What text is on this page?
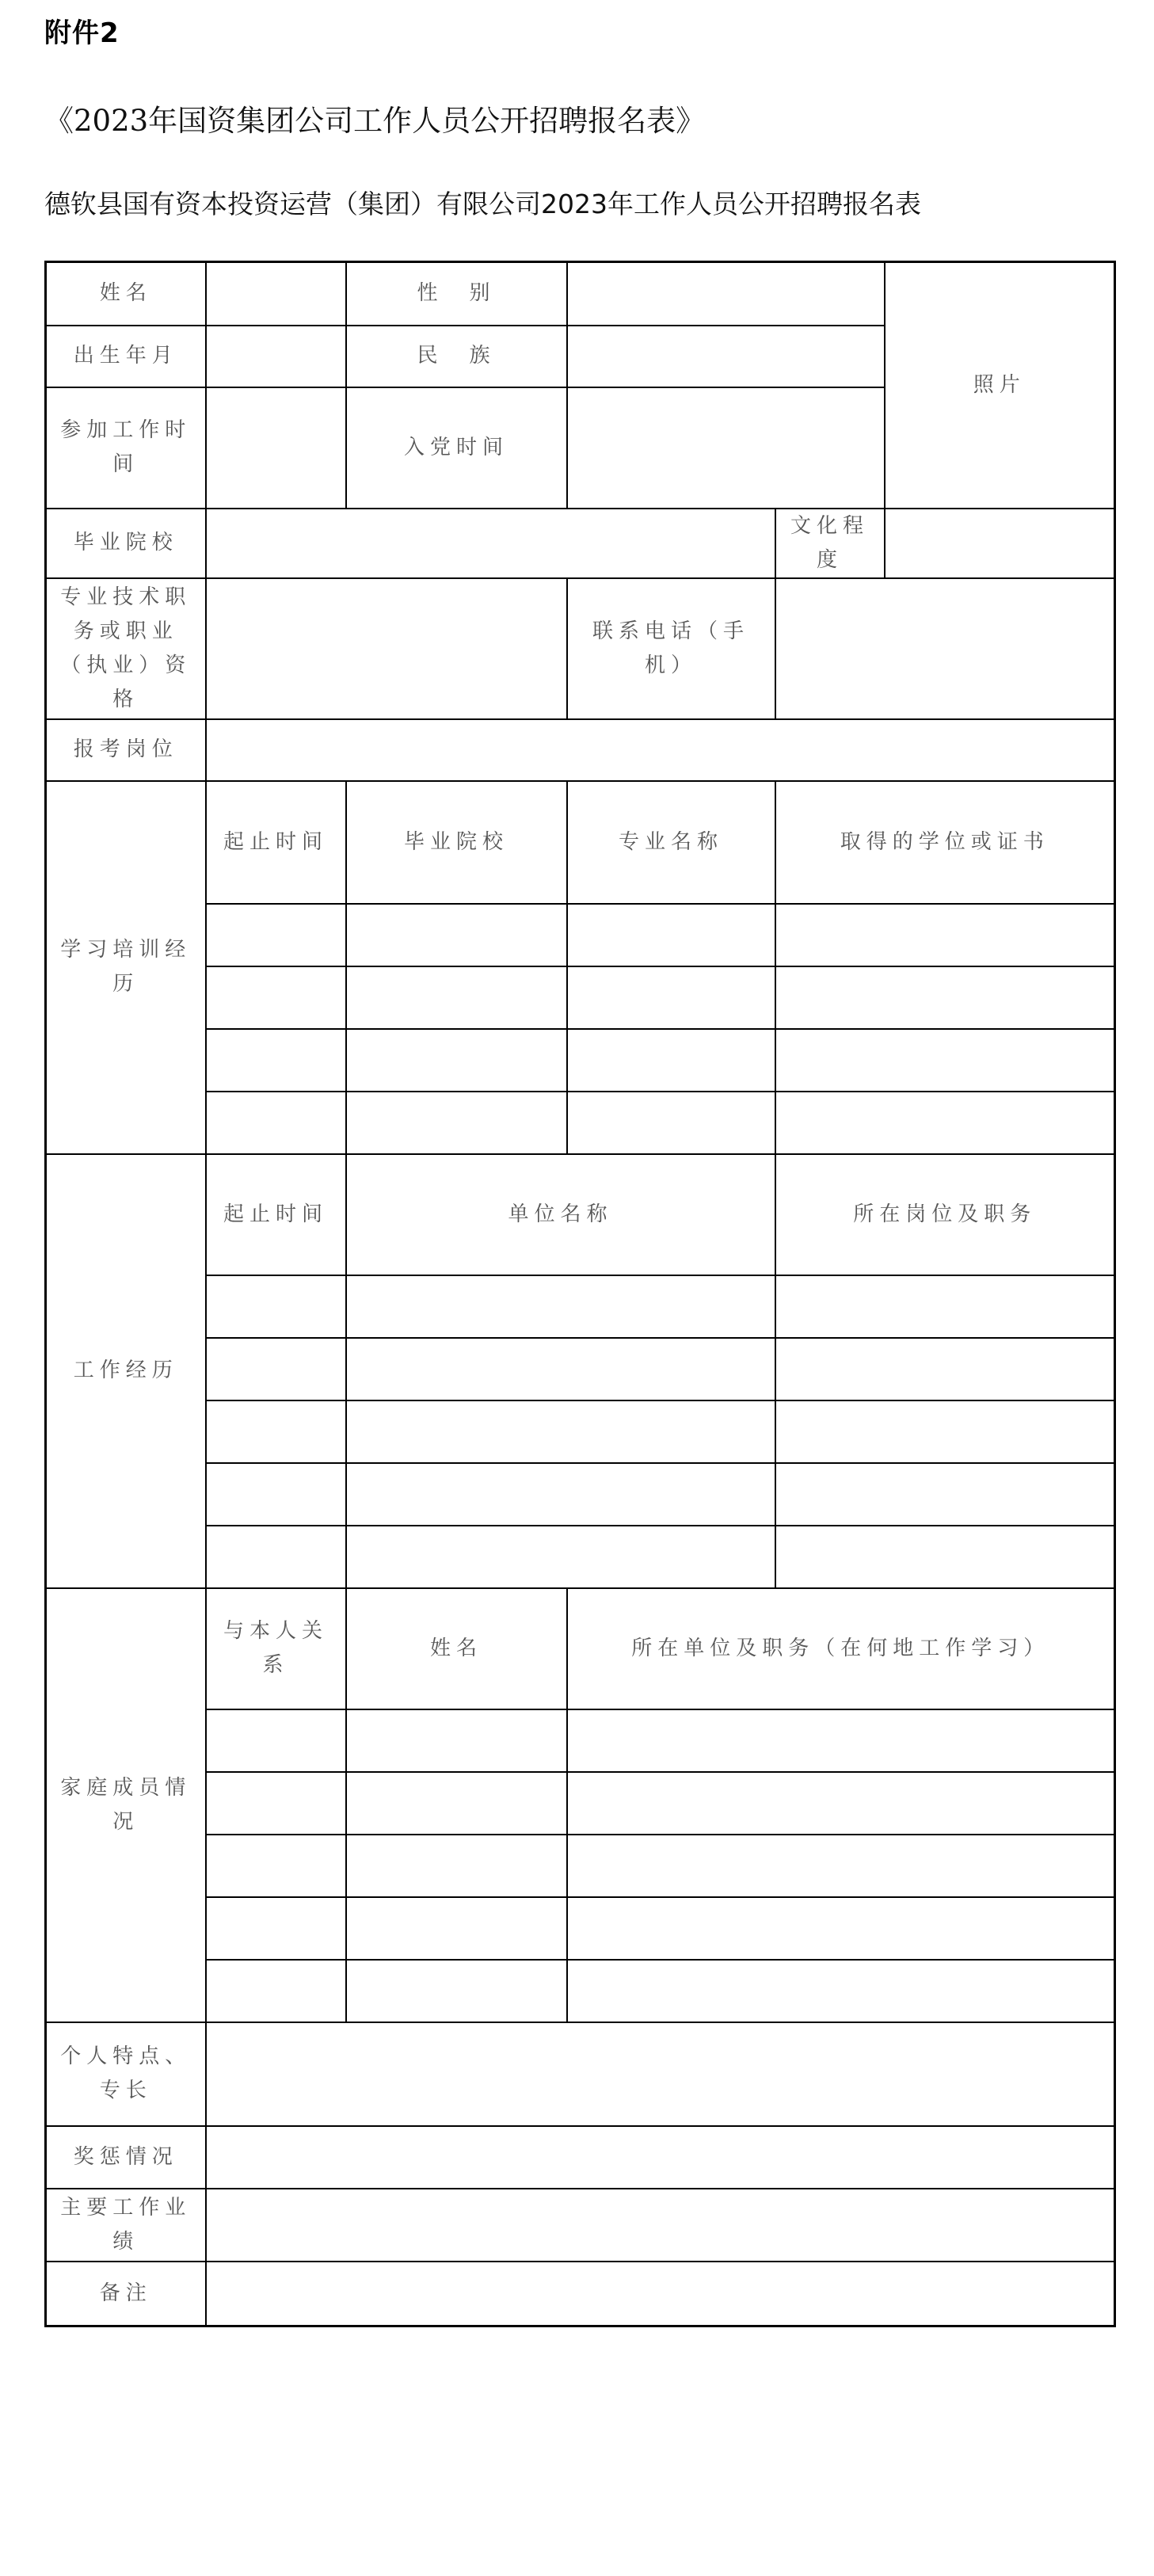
附件2
《2023年国资集团公司工作人员公开招聘报名表》
德钦县国有资本投资运营（集团）有限公司2023年工作人员公开招聘报名表
姓名		性　别			照片
出生年月		民　族			
参加工作时间		入党时间			
毕业院校				文化程度	
专业技术职务或职业（执业）资格			联系电话（手机）		
报考岗位					
学习培训经历	起止时间	毕业院校	专业名称	取得的学位或证书	

工作经历	起止时间	单位名称		所在岗位及职务	

家庭成员情况	与本人关系	姓名	所在单位及职务（在何地工作学习）		

个人特点、专长					
奖惩情况					
主要工作业绩					
备注					
